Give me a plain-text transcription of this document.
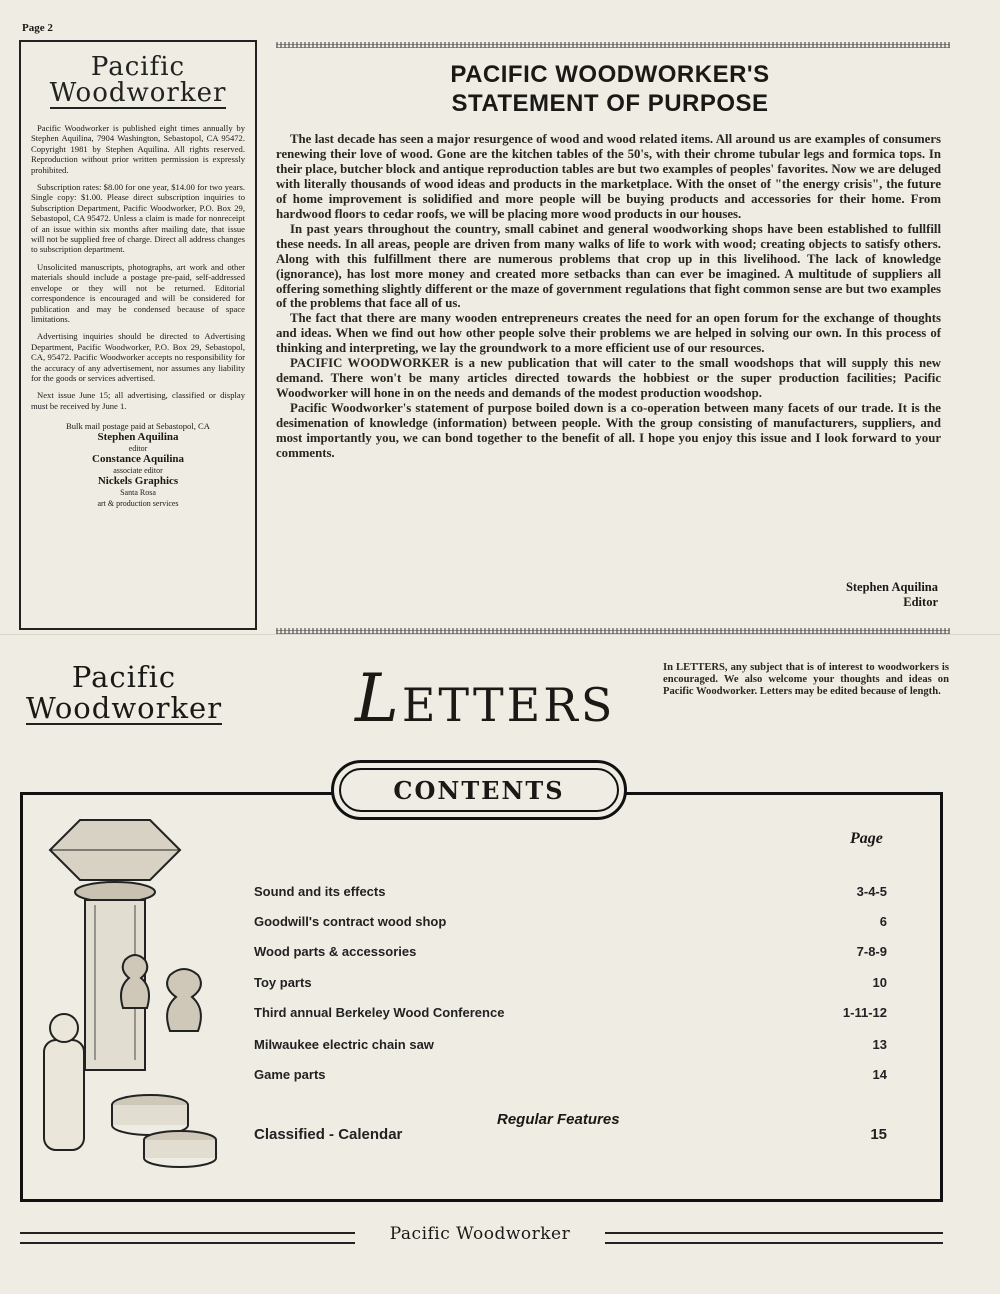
Page 2
Pacific
Woodworker

Pacific Woodworker is published eight times annually by Stephen Aquilina, 7904 Washington, Sebastopol, CA 95472. Copyright 1981 by Stephen Aquilina. All rights reserved. Reproduction without prior written permission is expressly prohibited.

Subscription rates: $8.00 for one year, $14.00 for two years. Single copy: $1.00. Please direct subscription inquiries to Subscription Department, Pacific Woodworker, P.O. Box 29, Sebastopol, CA 95472. Unless a claim is made for nonreceipt of an issue within six months after mailing date, that issue will not be supplied free of charge. Direct all address changes to subscription department.

Unsolicited manuscripts, photographs, art work and other materials should include a postage pre-paid, self-addressed envelope or they will not be returned. Editorial correspondence is encouraged and will be considered for publication and may be condensed because of space limitations.

Advertising inquiries should be directed to Advertising Department, Pacific Woodworker, P.O. Box 29, Sebastopol, CA, 95472. Pacific Woodworker accepts no responsibility for the accuracy of any advertisement, nor assumes any liability for the goods or services advertised.

Next issue June 15; all advertising, classified or display must be received by June 1.

Bulk mail postage paid at Sebastopol, CA
Stephen Aquilina
editor
Constance Aquilina
associate editor
Nickels Graphics
Santa Rosa
art & production services
PACIFIC WOODWORKER'S
STATEMENT OF PURPOSE

The last decade has seen a major resurgence of wood and wood related items. All around us are examples of consumers renewing their love of wood. Gone are the kitchen tables of the 50's, with their chrome tubular legs and formica tops. In their place, butcher block and antique reproduction tables are but two examples of peoples' favorites. Now we are deluged with literally thousands of wood ideas and products in the marketplace. With the onset of "the energy crisis", the future of home improvement is solidified and more people will be buying products and accessories for their home. From hardwood floors to cedar roofs, we will be placing more wood products in our houses.

In past years throughout the country, small cabinet and general woodworking shops have been established to fullfill these needs. In all areas, people are driven from many walks of life to work with wood; creating objects to satisfy others. Along with this fulfillment there are numerous problems that crop up in this livelihood. The lack of knowledge (ignorance), has lost more money and created more setbacks than can ever be imagined. A multitude of suppliers all offering something slightly different or the maze of government regulations that fight common sense are but two examples of the problems that face all of us.

The fact that there are many wooden entrepreneurs creates the need for an open forum for the exchange of thoughts and ideas. When we find out how other people solve their problems we are helped in solving our own. In this process of thinking and interpreting, we lay the groundwork to a more efficient use of our resources.

PACIFIC WOODWORKER is a new publication that will cater to the small woodshops that will supply this new demand. There won't be many articles directed towards the hobbiest or the super production facilities; Pacific Woodworker will hone in on the needs and demands of the modest production woodshop.

Pacific Woodworker's statement of purpose boiled down is a co-operation between many facets of our trade. It is the desimenation of knowledge (information) between people. With the group consisting of manufacturers, suppliers, and most importantly you, we can bond together to the benefit of all. I hope you enjoy this issue and I look forward to your comments.

Stephen Aquilina
Editor
Pacific
Woodworker LETTERS
In LETTERS, any subject that is of interest to woodworkers is encouraged. We also welcome your thoughts and ideas on Pacific Woodworker. Letters may be edited because of length.
CONTENTS
Page
Sound and its effects	3-4-5
Goodwill's contract wood shop	6
Wood parts & accessories	7-8-9
Toy parts	10
Third annual Berkeley Wood Conference	1-11-12
Milwaukee electric chain saw	13
Game parts	14
Regular Features
Classified - Calendar	15
Pacific Woodworker
